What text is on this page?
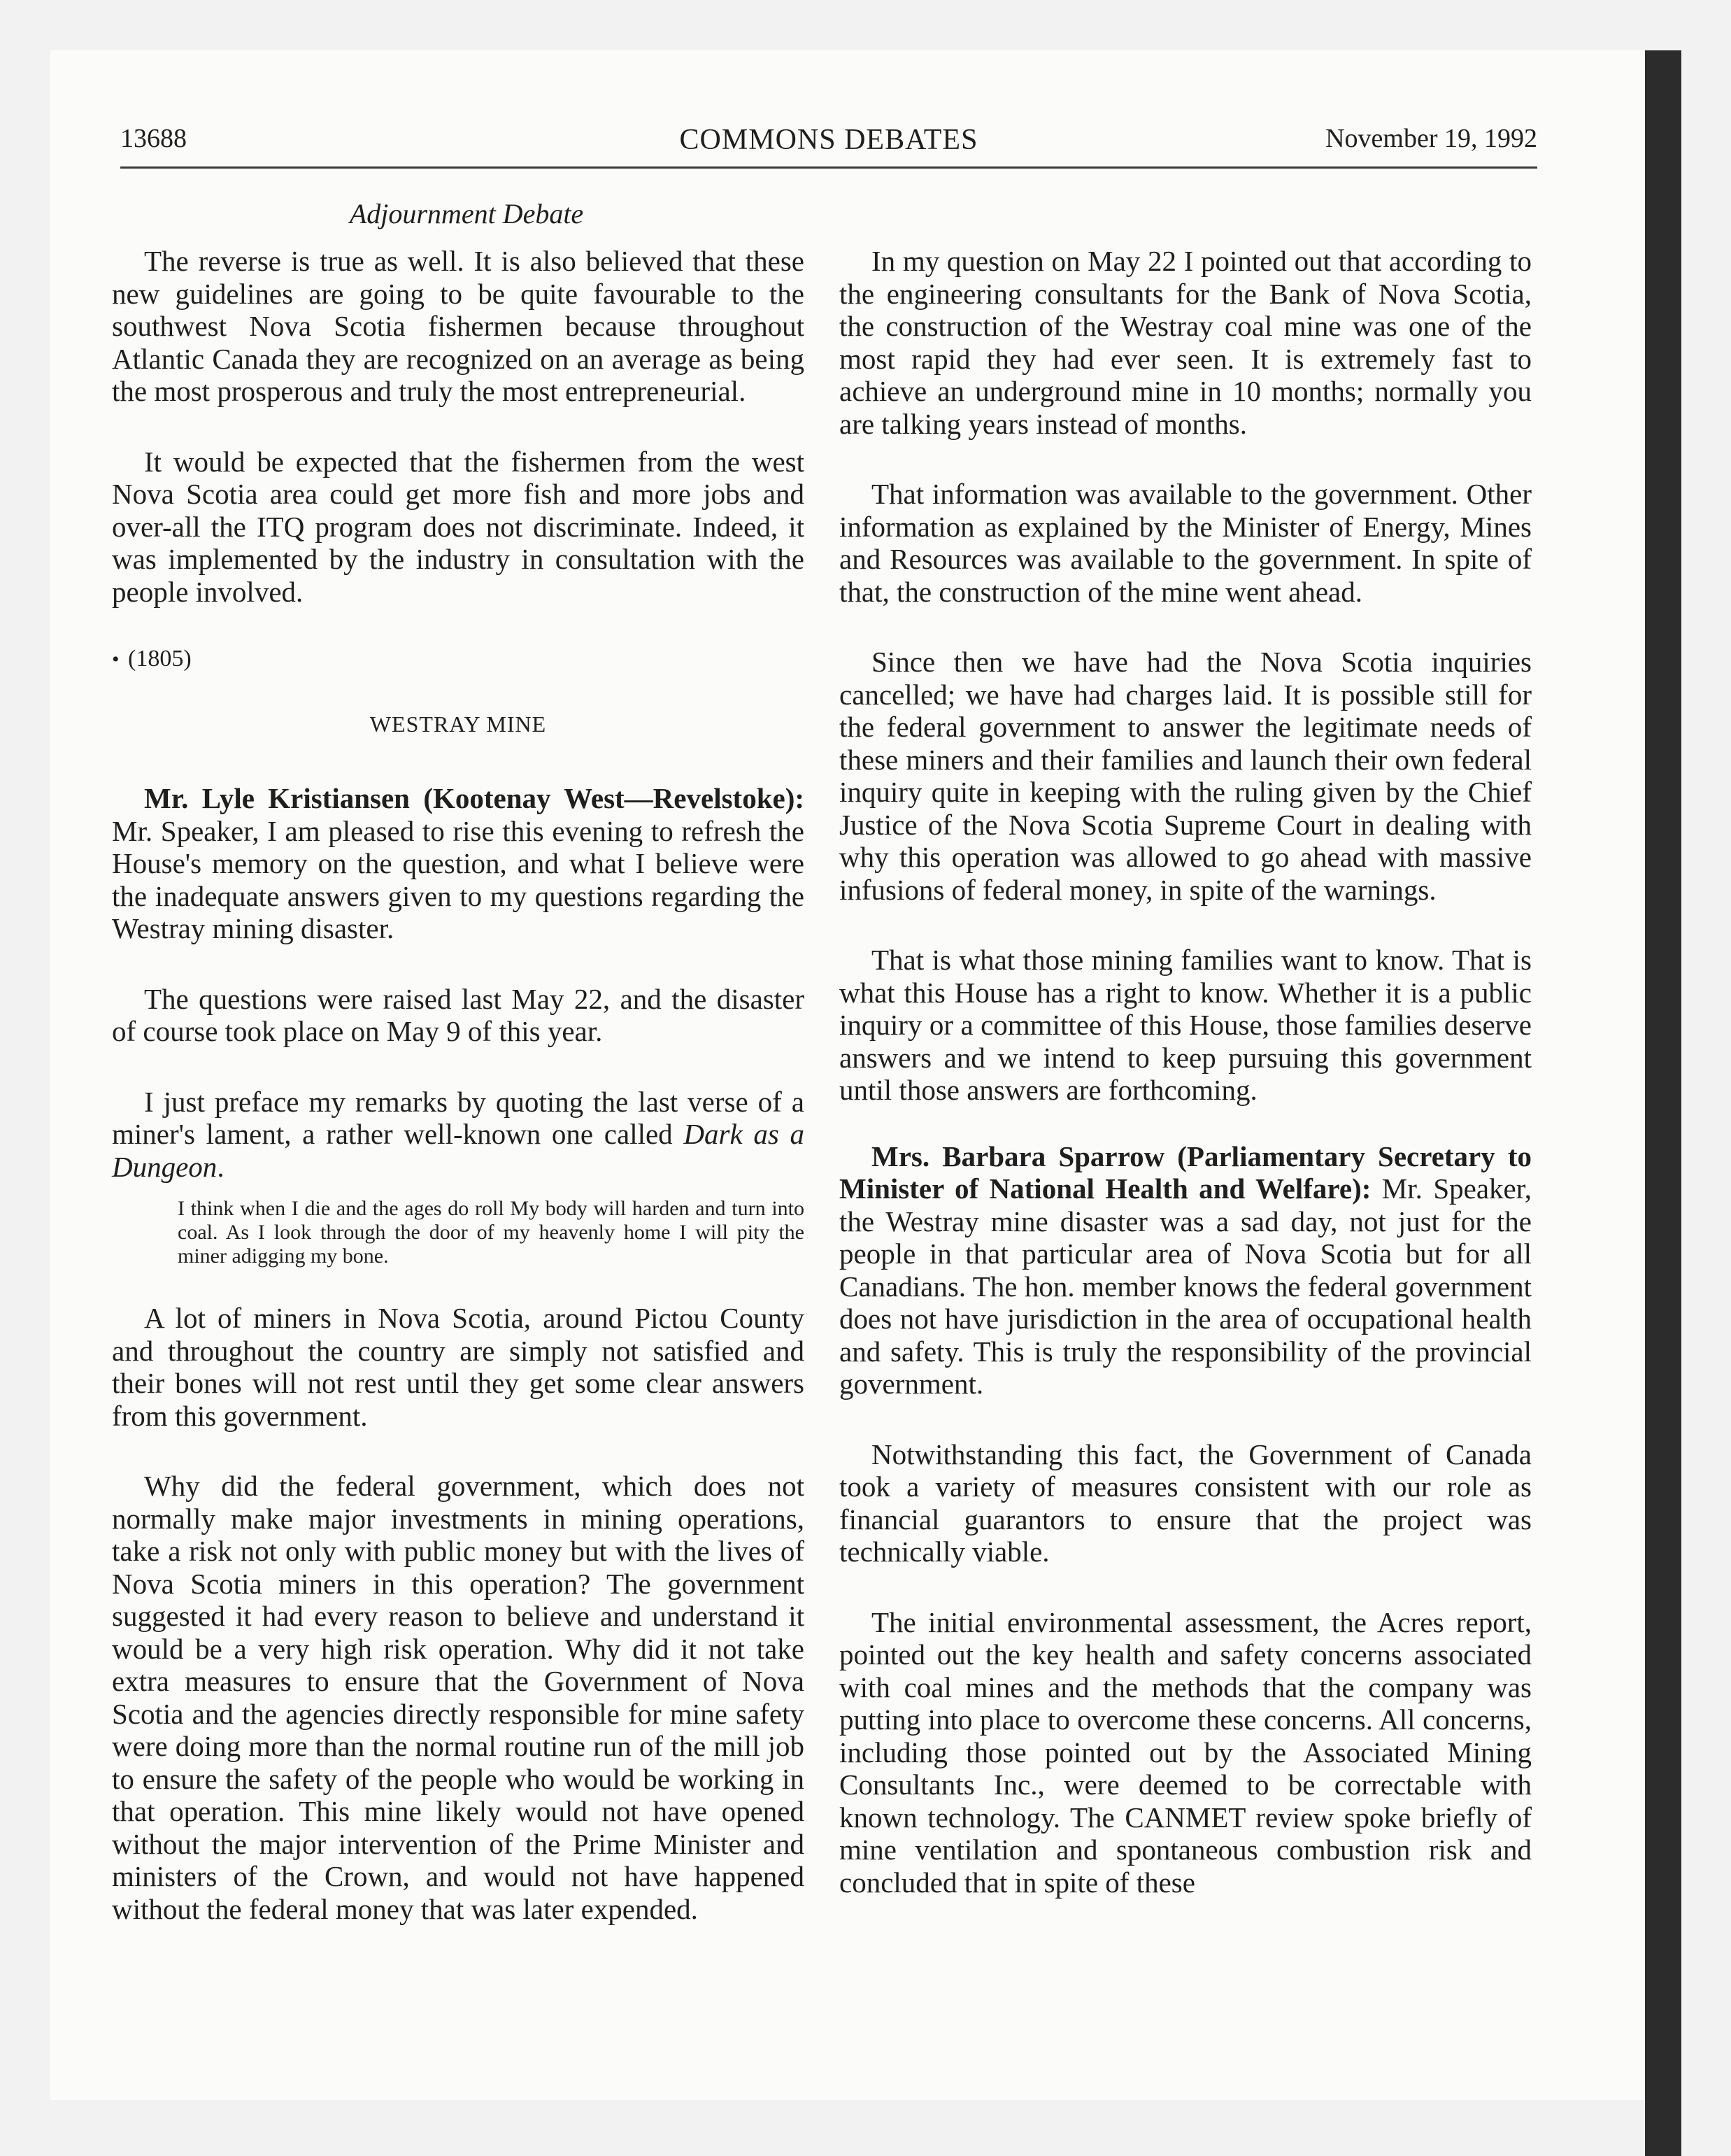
13688	COMMONS DEBATES	November 19, 1992
Adjournment Debate

The reverse is true as well. It is also believed that these new guidelines are going to be quite favourable to the southwest Nova Scotia fishermen because throughout Atlantic Canada they are recognized on an average as being the most prosperous and truly the most entrepreneurial.

It would be expected that the fishermen from the west Nova Scotia area could get more fish and more jobs and over-all the ITQ program does not discriminate. Indeed, it was implemented by the industry in consultation with the people involved.

• (1805)
WESTRAY MINE

Mr. Lyle Kristiansen (Kootenay West—Revelstoke): Mr. Speaker, I am pleased to rise this evening to refresh the House's memory on the question, and what I believe were the inadequate answers given to my questions regarding the Westray mining disaster.

The questions were raised last May 22, and the disaster of course took place on May 9 of this year.

I just preface my remarks by quoting the last verse of a miner's lament, a rather well-known one called Dark as a Dungeon.

I think when I die and the ages do roll My body will harden and turn into coal. As I look through the door of my heavenly home I will pity the miner adigging my bone.

A lot of miners in Nova Scotia, around Pictou County and throughout the country are simply not satisfied and their bones will not rest until they get some clear answers from this government.

Why did the federal government, which does not normally make major investments in mining operations, take a risk not only with public money but with the lives of Nova Scotia miners in this operation? The government suggested it had every reason to believe and understand it would be a very high risk operation. Why did it not take extra measures to ensure that the Government of Nova Scotia and the agencies directly responsible for mine safety were doing more than the normal routine run of the mill job to ensure the safety of the people who would be working in that operation. This mine likely would not have opened without the major intervention of the Prime Minister and ministers of the Crown, and would not have happened without the federal money that was later expended.

In my question on May 22 I pointed out that according to the engineering consultants for the Bank of Nova Scotia, the construction of the Westray coal mine was one of the most rapid they had ever seen. It is extremely fast to achieve an underground mine in 10 months; normally you are talking years instead of months.

That information was available to the government. Other information as explained by the Minister of Energy, Mines and Resources was available to the government. In spite of that, the construction of the mine went ahead.

Since then we have had the Nova Scotia inquiries cancelled; we have had charges laid. It is possible still for the federal government to answer the legitimate needs of these miners and their families and launch their own federal inquiry quite in keeping with the ruling given by the Chief Justice of the Nova Scotia Supreme Court in dealing with why this operation was allowed to go ahead with massive infusions of federal money, in spite of the warnings.

That is what those mining families want to know. That is what this House has a right to know. Whether it is a public inquiry or a committee of this House, those families deserve answers and we intend to keep pursuing this government until those answers are forthcoming.

Mrs. Barbara Sparrow (Parliamentary Secretary to Minister of National Health and Welfare): Mr. Speaker, the Westray mine disaster was a sad day, not just for the people in that particular area of Nova Scotia but for all Canadians. The hon. member knows the federal government does not have jurisdiction in the area of occupational health and safety. This is truly the responsibility of the provincial government.

Notwithstanding this fact, the Government of Canada took a variety of measures consistent with our role as financial guarantors to ensure that the project was technically viable.

The initial environmental assessment, the Acres report, pointed out the key health and safety concerns associated with coal mines and the methods that the company was putting into place to overcome these concerns. All concerns, including those pointed out by the Associated Mining Consultants Inc., were deemed to be correctable with known technology. The CANMET review spoke briefly of mine ventilation and spontaneous combustion risk and concluded that in spite of these
